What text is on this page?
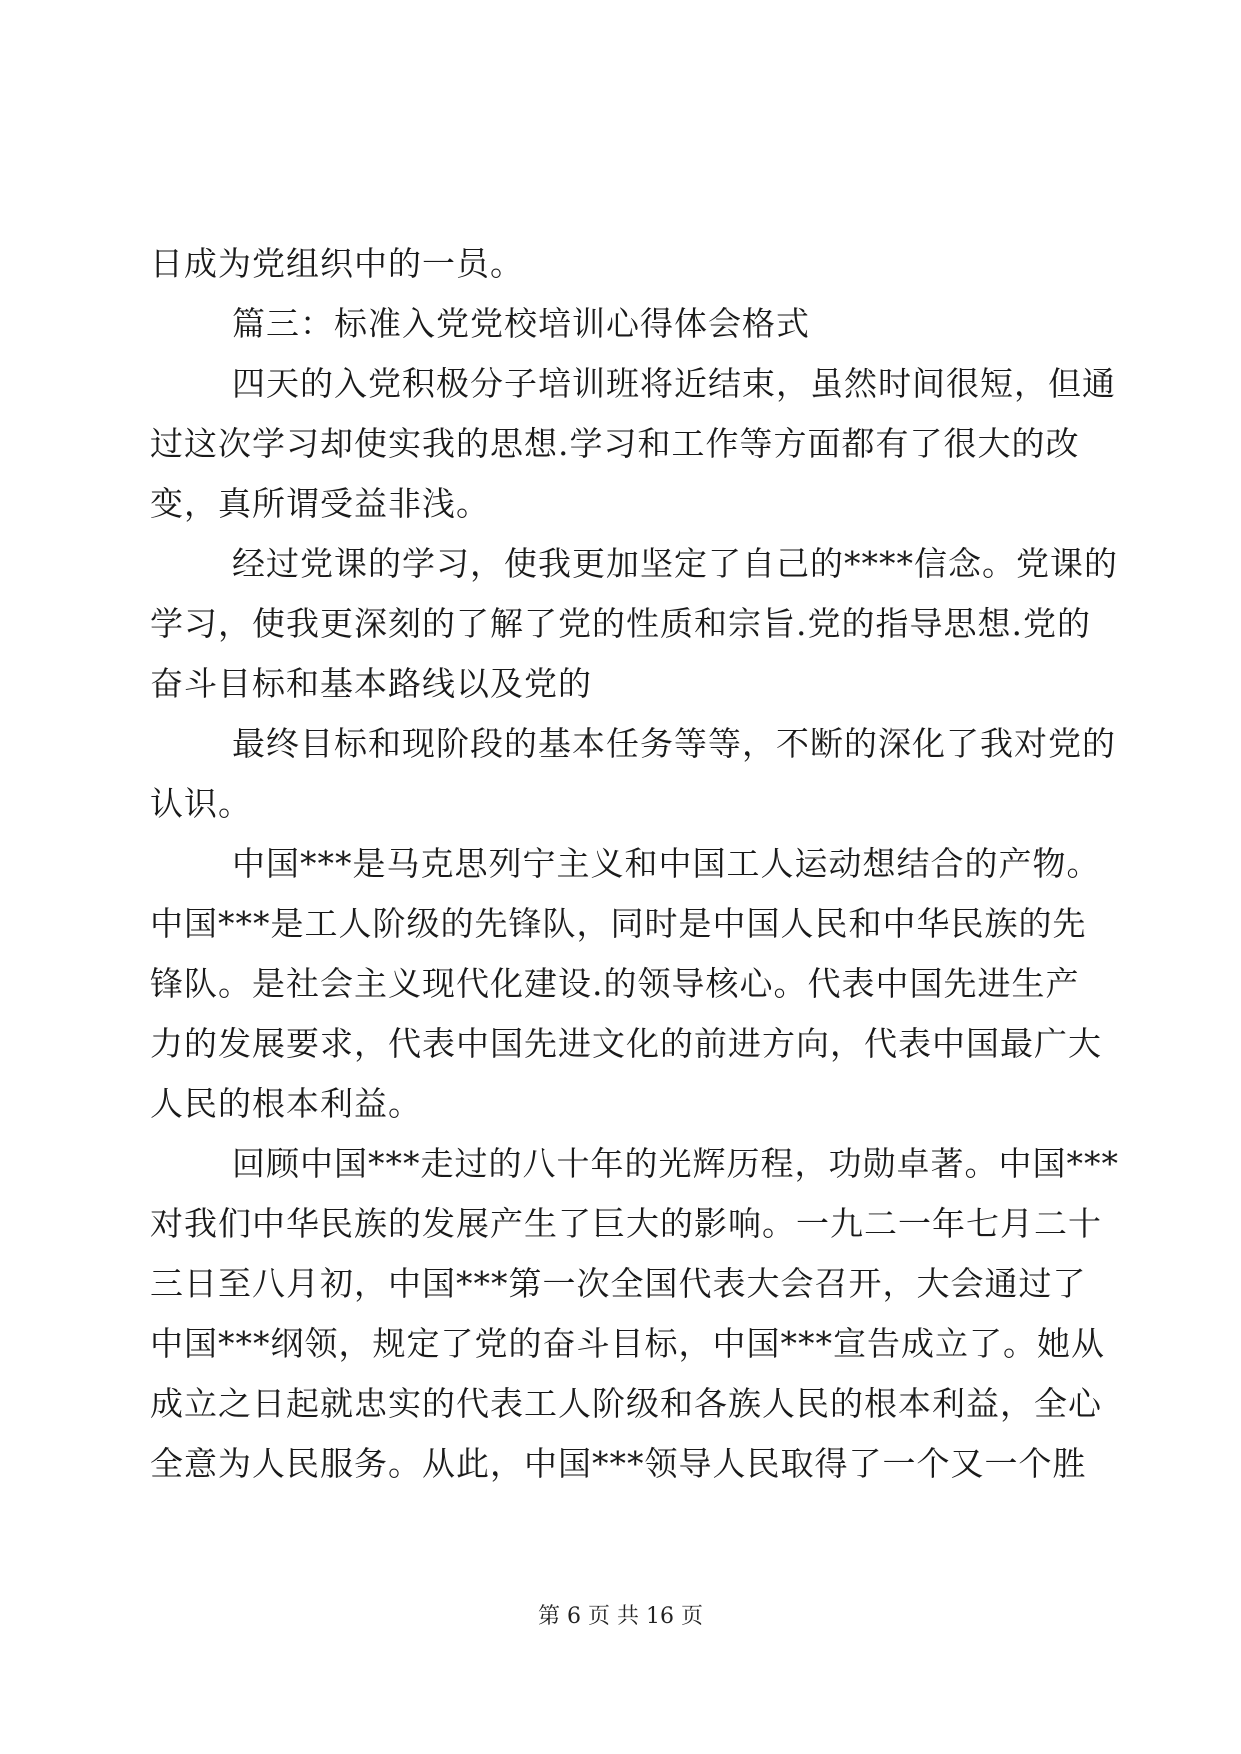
日成为党组织中的一员。
篇三：标准入党党校培训心得体会格式
四天的入党积极分子培训班将近结束，虽然时间很短，但通
过这次学习却使实我的思想.学习和工作等方面都有了很大的改
变，真所谓受益非浅。
经过党课的学习，使我更加坚定了自己的****信念。党课的
学习，使我更深刻的了解了党的性质和宗旨.党的指导思想.党的
奋斗目标和基本路线以及党的
最终目标和现阶段的基本任务等等，不断的深化了我对党的
认识。
中国***是马克思列宁主义和中国工人运动想结合的产物。
中国***是工人阶级的先锋队，同时是中国人民和中华民族的先
锋队。是社会主义现代化建设.的领导核心。代表中国先进生产
力的发展要求，代表中国先进文化的前进方向，代表中国最广大
人民的根本利益。
回顾中国***走过的八十年的光辉历程，功勋卓著。中国***
对我们中华民族的发展产生了巨大的影响。一九二一年七月二十
三日至八月初，中国***第一次全国代表大会召开，大会通过了
中国***纲领，规定了党的奋斗目标，中国***宣告成立了。她从
成立之日起就忠实的代表工人阶级和各族人民的根本利益，全心
全意为人民服务。从此，中国***领导人民取得了一个又一个胜
第 6 页 共 16 页
